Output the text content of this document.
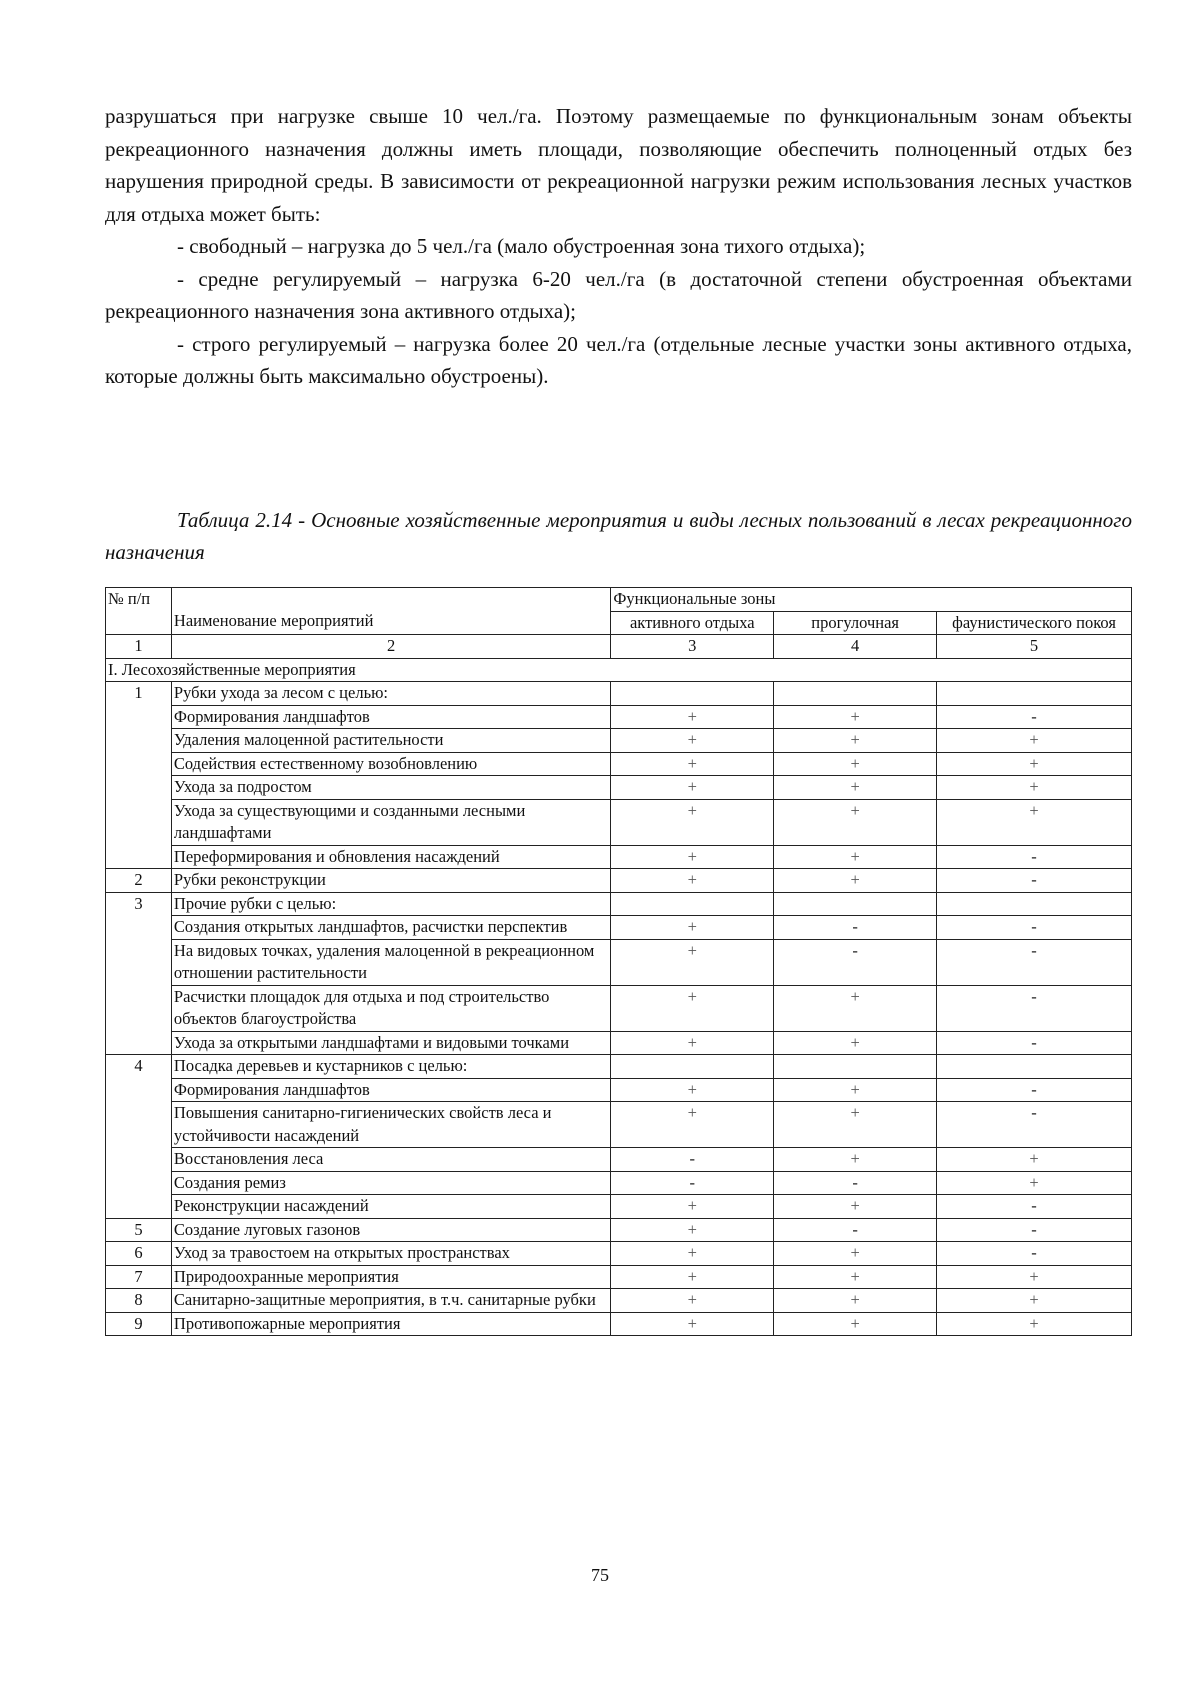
разрушаться при нагрузке свыше 10 чел./га. Поэтому размещаемые по функциональным зонам объекты рекреационного назначения должны иметь площади, позволяющие обеспечить полноценный отдых без нарушения природной среды. В зависимости от рекреационной нагрузки режим использования лесных участков для отдыха может быть:

- свободный – нагрузка до 5 чел./га (мало обустроенная зона тихого отдыха);

- средне регулируемый – нагрузка 6-20 чел./га (в достаточной степени обустроенная объектами рекреационного назначения зона активного отдыха);

- строго регулируемый – нагрузка более 20 чел./га (отдельные лесные участки зоны активного отдыха, которые должны быть максимально обустроены).

Таблица 2.14 - Основные хозяйственные мероприятия и виды лесных пользований в лесах рекреационного назначения

№ п/п	Наименование мероприятий	Функциональные зоны		
		активного отдыха	прогулочная	фаунистического покоя
1	2	3	4	5
I. Лесохозяйственные мероприятия				
1	Рубки ухода за лесом с целью:			
	Формирования ландшафтов	+	+	-
	Удаления малоценной растительности	+	+	+
	Содействия естественному возобновлению	+	+	+
	Ухода за подростом	+	+	+
	Ухода за существующими и созданными лесными ландшафтами	+	+	+
	Переформирования и обновления насаждений	+	+	-
2	Рубки реконструкции	+	+	-
3	Прочие рубки с целью:			
	Создания открытых ландшафтов, расчистки перспектив	+	-	-
	На видовых точках, удаления малоценной в рекреационном отношении растительности	+	-	-
	Расчистки площадок для отдыха и под строительство объектов благоустройства	+	+	-
	Ухода за открытыми ландшафтами и видовыми точками	+	+	-
4	Посадка деревьев и кустарников с целью:			
	Формирования ландшафтов	+	+	-
	Повышения санитарно-гигиенических свойств леса и устойчивости насаждений	+	+	-
	Восстановления леса	-	+	+
	Создания ремиз	-	-	+
	Реконструкции насаждений	+	+	-
5	Создание луговых газонов	+	-	-
6	Уход за травостоем на открытых пространствах	+	+	-
7	Природоохранные мероприятия	+	+	+
8	Санитарно-защитные мероприятия, в т.ч. санитарные рубки	+	+	+
9	Противопожарные мероприятия	+	+	+
75
